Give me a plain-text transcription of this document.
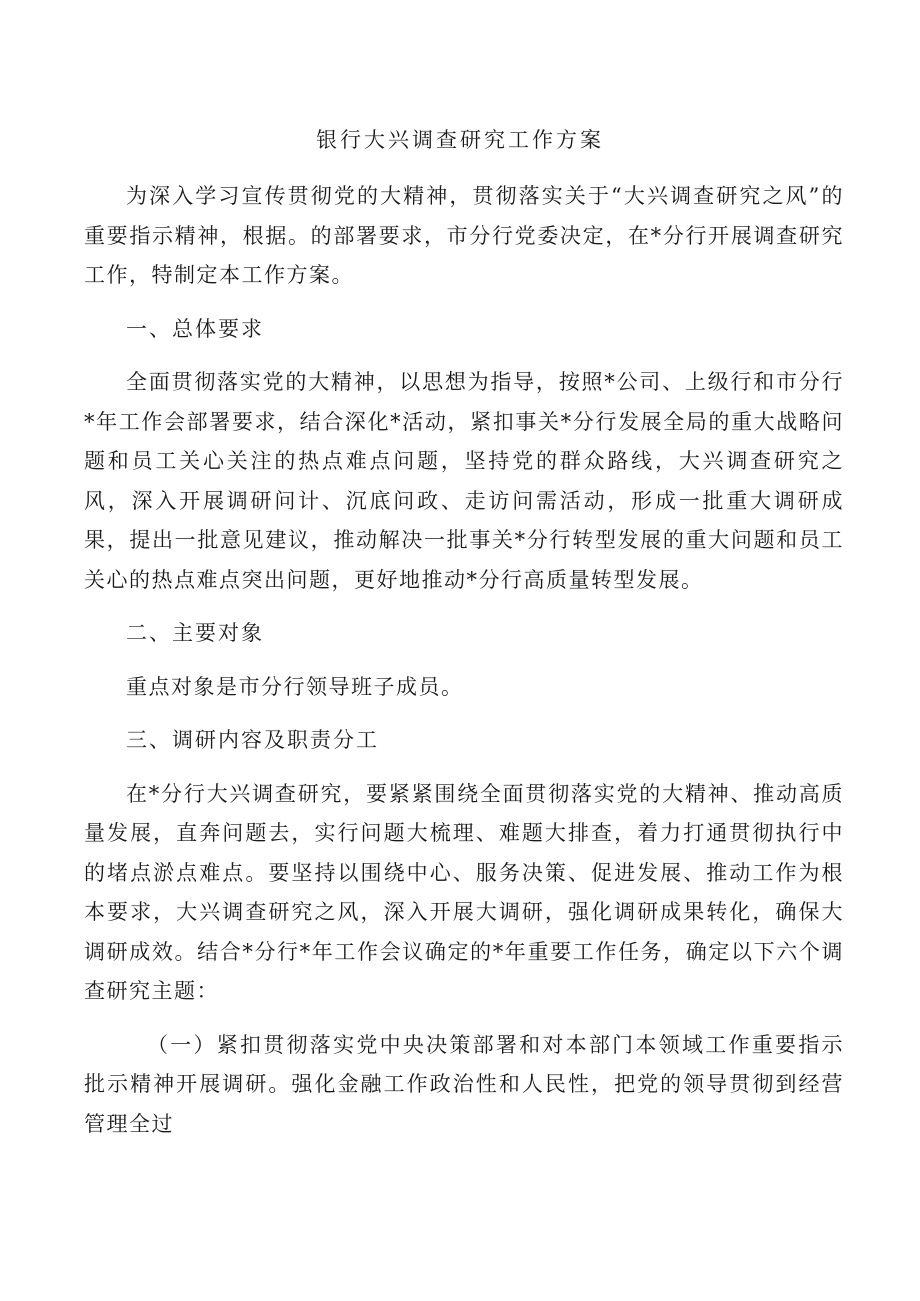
银行大兴调查研究工作方案

为深入学习宣传贯彻党的大精神，贯彻落实关于“大兴调查研究之风”的重要指示精神，根据。的部署要求，市分行党委决定，在*分行开展调查研究工作，特制定本工作方案。

一、总体要求

全面贯彻落实党的大精神，以思想为指导，按照*公司、上级行和市分行*年工作会部署要求，结合深化*活动，紧扣事关*分行发展全局的重大战略问题和员工关心关注的热点难点问题，坚持党的群众路线，大兴调查研究之风，深入开展调研问计、沉底问政、走访问需活动，形成一批重大调研成果，提出一批意见建议，推动解决一批事关*分行转型发展的重大问题和员工关心的热点难点突出问题，更好地推动*分行高质量转型发展。

二、主要对象

重点对象是市分行领导班子成员。

三、调研内容及职责分工

在*分行大兴调查研究，要紧紧围绕全面贯彻落实党的大精神、推动高质量发展，直奔问题去，实行问题大梳理、难题大排查，着力打通贯彻执行中的堵点淤点难点。要坚持以围绕中心、服务决策、促进发展、推动工作为根本要求，大兴调查研究之风，深入开展大调研，强化调研成果转化，确保大调研成效。结合*分行*年工作会议确定的*年重要工作任务，确定以下六个调查研究主题：

（一）紧扣贯彻落实党中央决策部署和对本部门本领域工作重要指示批示精神开展调研。强化金融工作政治性和人民性，把党的领导贯彻到经营管理全过
